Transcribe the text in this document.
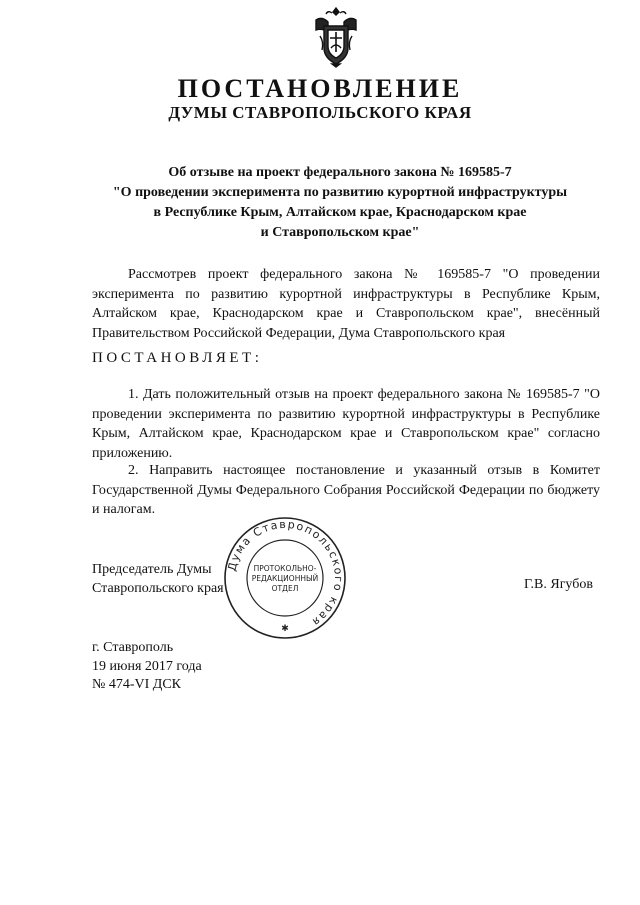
ПОСТАНОВЛЕНИЕ
ДУМЫ СТАВРОПОЛЬСКОГО КРАЯ
Об отзыве на проект федерального закона № 169585-7
"О проведении эксперимента по развитию курортной инфраструктуры
в Республике Крым, Алтайском крае, Краснодарском крае
и Ставропольском крае"
Рассмотрев проект федерального закона № 169585-7 "О проведении эксперимента по развитию курортной инфраструктуры в Республике Крым, Алтайском крае, Краснодарском крае и Ставропольском крае", внесённый Правительством Российской Федерации, Дума Ставропольского края
ПОСТАНОВЛЯЕТ:
1. Дать положительный отзыв на проект федерального закона № 169585-7 "О проведении эксперимента по развитию курортной инфраструктуры в Республике Крым, Алтайском крае, Краснодарском крае и Ставропольском крае" согласно приложению.
2. Направить настоящее постановление и указанный отзыв в Комитет Государственной Думы Федерального Собрания Российской Федерации по бюджету и налогам.
Председатель Думы
Ставропольского края	Г.В. Ягубов
Дума Ставропольского края
ПРОТОКОЛЬНО-
РЕДАКЦИОННЫЙ
ОТДЕЛ
✱
г. Ставрополь
19 июня 2017 года
№ 474-VI ДСК
